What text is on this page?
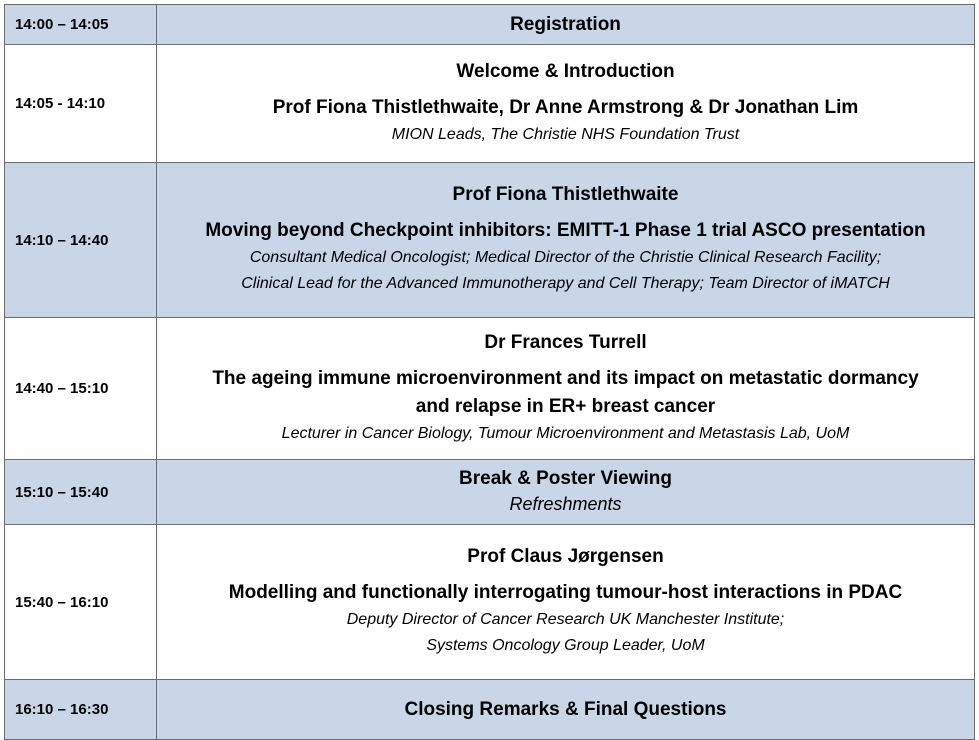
14:00 – 14:05	Registration

14:05 - 14:10	Welcome & Introduction
Prof Fiona Thistlethwaite, Dr Anne Armstrong & Dr Jonathan Lim
MION Leads, The Christie NHS Foundation Trust

14:10 – 14:40	Prof Fiona Thistlethwaite
Moving beyond Checkpoint inhibitors: EMITT-1 Phase 1 trial ASCO presentation
Consultant Medical Oncologist; Medical Director of the Christie Clinical Research Facility;
Clinical Lead for the Advanced Immunotherapy and Cell Therapy; Team Director of iMATCH

14:40 – 15:10	Dr Frances Turrell
The ageing immune microenvironment and its impact on metastatic dormancy
and relapse in ER+ breast cancer
Lecturer in Cancer Biology, Tumour Microenvironment and Metastasis Lab, UoM

15:10 – 15:40	Break & Poster Viewing
Refreshments

15:40 – 16:10	Prof Claus Jørgensen
Modelling and functionally interrogating tumour-host interactions in PDAC
Deputy Director of Cancer Research UK Manchester Institute;
Systems Oncology Group Leader, UoM

16:10 – 16:30	Closing Remarks & Final Questions
